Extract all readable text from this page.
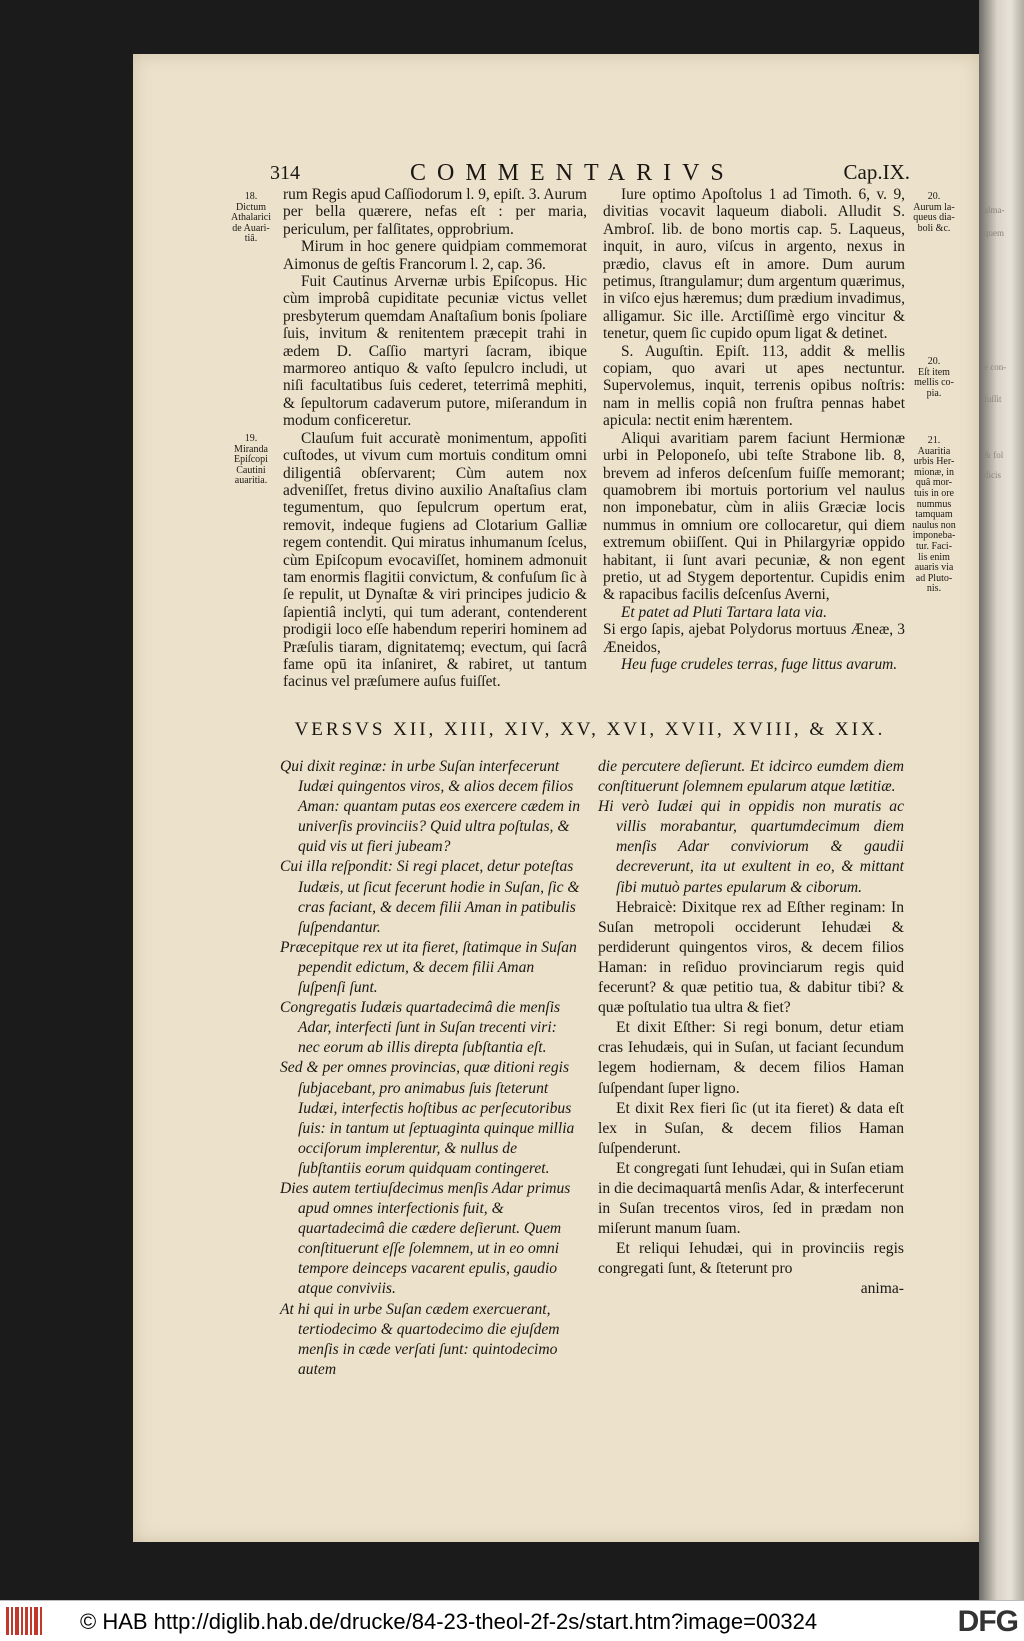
alma-
quem
e con-
fuſſit
& fol
dicis
314	COMMENTARIVS	Cap.IX.
18.
Dictum
Athalarici
de Auari-
tiâ.
19.
Miranda
Epiſcopi
Cautini
auaritia.
20.
Aurum la-
queus dia-
boli &c.
20.
Eſt item
mellis co-
pia.
21.
Auaritia
urbis Her-
mionæ, in
quâ mor-
tuis in ore
nummus
tamquam
naulus non
imponeba-
tur. Faci-
lis enim
auaris via
ad Pluto-
nis.

rum Regis apud Caſſiodorum l. 9, epiſt. 3. Aurum per bella quærere, nefas eſt : per maria, periculum, per falſitates, opprobrium.

Mirum in hoc genere quidpiam commemorat Aimonus de geſtis Francorum l. 2, cap. 36.

Fuit Cautinus Arvernæ urbis Epiſcopus. Hic cùm improbâ cupiditate pecuniæ victus vellet presbyterum quemdam Anaſtaſium bonis ſpoliare ſuis, invitum & renitentem præcepit trahi in ædem D. Caſſio martyri ſacram, ibique marmoreo antiquo & vaſto ſepulcro includi, ut niſi facultatibus ſuis cederet, teterrimâ mephiti, & ſepultorum cadaverum putore, miſerandum in modum conficeretur.

Clauſum fuit accuratè monimentum, appoſiti cuſtodes, ut vivum cum mortuis conditum omni diligentiâ obſervarent; Cùm autem nox adveniſſet, fretus divino auxilio Anaſtaſius clam tegumentum, quo ſepulcrum opertum erat, removit, indeque fugiens ad Clotarium Galliæ regem contendit. Qui miratus inhumanum ſcelus, cùm Epiſcopum evocaviſſet, hominem admonuit tam enormis flagitii convictum, & confuſum ſic à ſe repulit, ut Dynaſtæ & viri principes judicio & ſapientiâ inclyti, qui tum aderant, contenderent prodigii loco eſſe habendum reperiri hominem ad Præſulis tiaram, dignitatemq; evectum, qui ſacrâ fame opū ita inſaniret, & rabiret, ut tantum facinus vel præſumere auſus fuiſſet.

Iure optimo Apoſtolus 1 ad Timoth. 6, v. 9, divitias vocavit laqueum diaboli. Alludit S. Ambroſ. lib. de bono mortis cap. 5. Laqueus, inquit, in auro, viſcus in argento, nexus in prædio, clavus eſt in amore. Dum aurum petimus, ſtrangulamur; dum argentum quærimus, in viſco ejus hæremus; dum prædium invadimus, alligamur. Sic ille. Arctiſſimè ergo vincitur & tenetur, quem ſic cupido opum ligat & detinet.

S. Auguſtin. Epiſt. 113, addit & mellis copiam, quo avari ut apes nectuntur. Supervolemus, inquit, terrenis opibus noſtris: nam in mellis copiâ non fruſtra pennas habet apicula: nectit enim hærentem.

Aliqui avaritiam parem faciunt Hermionæ urbi in Peloponeſo, ubi teſte Strabone lib. 8, brevem ad inferos deſcenſum fuiſſe memorant; quamobrem ibi mortuis portorium vel naulus non imponebatur, cùm in aliis Græciæ locis nummus in omnium ore collocaretur, qui diem extremum obiiſſent. Qui in Philargyriæ oppido habitant, ii ſunt avari pecuniæ, & non egent pretio, ut ad Stygem deportentur. Cupidis enim & rapacibus facilis deſcenſus Averni,

Et patet ad Pluti Tartara lata via.

Si ergo ſapis, ajebat Polydorus mortuus Æneæ, 3 Æneidos,

Heu fuge crudeles terras, fuge littus avarum.

VERSVS XII, XIII, XIV, XV, XVI, XVII, XVIII, & XIX.

Qui dixit reginæ: in urbe Suſan interfecerunt Iudæi quingentos viros, & alios decem filios Aman: quantam putas eos exercere cædem in univerſis provinciis? Quid ultra poſtulas, & quid vis ut fieri jubeam?

Cui illa reſpondit: Si regi placet, detur poteſtas Iudæis, ut ſicut fecerunt hodie in Suſan, ſic & cras faciant, & decem filii Aman in patibulis ſuſpendantur.

Præcepitque rex ut ita fieret, ſtatimque in Suſan pependit edictum, & decem filii Aman ſuſpenſi ſunt.

Congregatis Iudæis quartadecimâ die menſis Adar, interfecti ſunt in Suſan trecenti viri: nec eorum ab illis direpta ſubſtantia eſt.

Sed & per omnes provincias, quæ ditioni regis ſubjacebant, pro animabus ſuis ſteterunt Iudæi, interfectis hoſtibus ac perſecutoribus ſuis: in tantum ut ſeptuaginta quinque millia occiſorum implerentur, & nullus de ſubſtantiis eorum quidquam contingeret.

Dies autem tertiuſdecimus menſis Adar primus apud omnes interfectionis fuit, & quartadecimâ die cædere deſierunt. Quem conſtituerunt eſſe ſolemnem, ut in eo omni tempore deinceps vacarent epulis, gaudio atque conviviis.

At hi qui in urbe Suſan cædem exercuerant, tertiodecimo & quartodecimo die ejuſdem menſis in cæde verſati ſunt: quintodecimo autem

die percutere deſierunt. Et idcirco eumdem diem conſtituerunt ſolemnem epularum atque lætitiæ.

Hi verò Iudæi qui in oppidis non muratis ac villis morabantur, quartumdecimum diem menſis Adar conviviorum & gaudii decreverunt, ita ut exultent in eo, & mittant ſibi mutuò partes epularum & ciborum.

Hebraicè: Dixitque rex ad Eſther reginam: In Suſan metropoli occiderunt Iehudæi & perdiderunt quingentos viros, & decem filios Haman: in reſiduo provinciarum regis quid fecerunt? & quæ petitio tua, & dabitur tibi? & quæ poſtulatio tua ultra & fiet?

Et dixit Eſther: Si regi bonum, detur etiam cras Iehudæis, qui in Suſan, ut faciant ſecundum legem hodiernam, & decem filios Haman ſuſpendant ſuper ligno.

Et dixit Rex fieri ſic (ut ita fieret) & data eſt lex in Suſan, & decem filios Haman ſuſpenderunt.

Et congregati ſunt Iehudæi, qui in Suſan etiam in die decimaquartâ menſis Adar, & interfecerunt in Suſan trecentos viros, ſed in prædam non miſerunt manum ſuam.

Et reliqui Iehudæi, qui in provinciis regis congregati ſunt, & ſteterunt pro

anima-

© HAB http://diglib.hab.de/drucke/84-23-theol-2f-2s/start.htm?image=00324	DFG
